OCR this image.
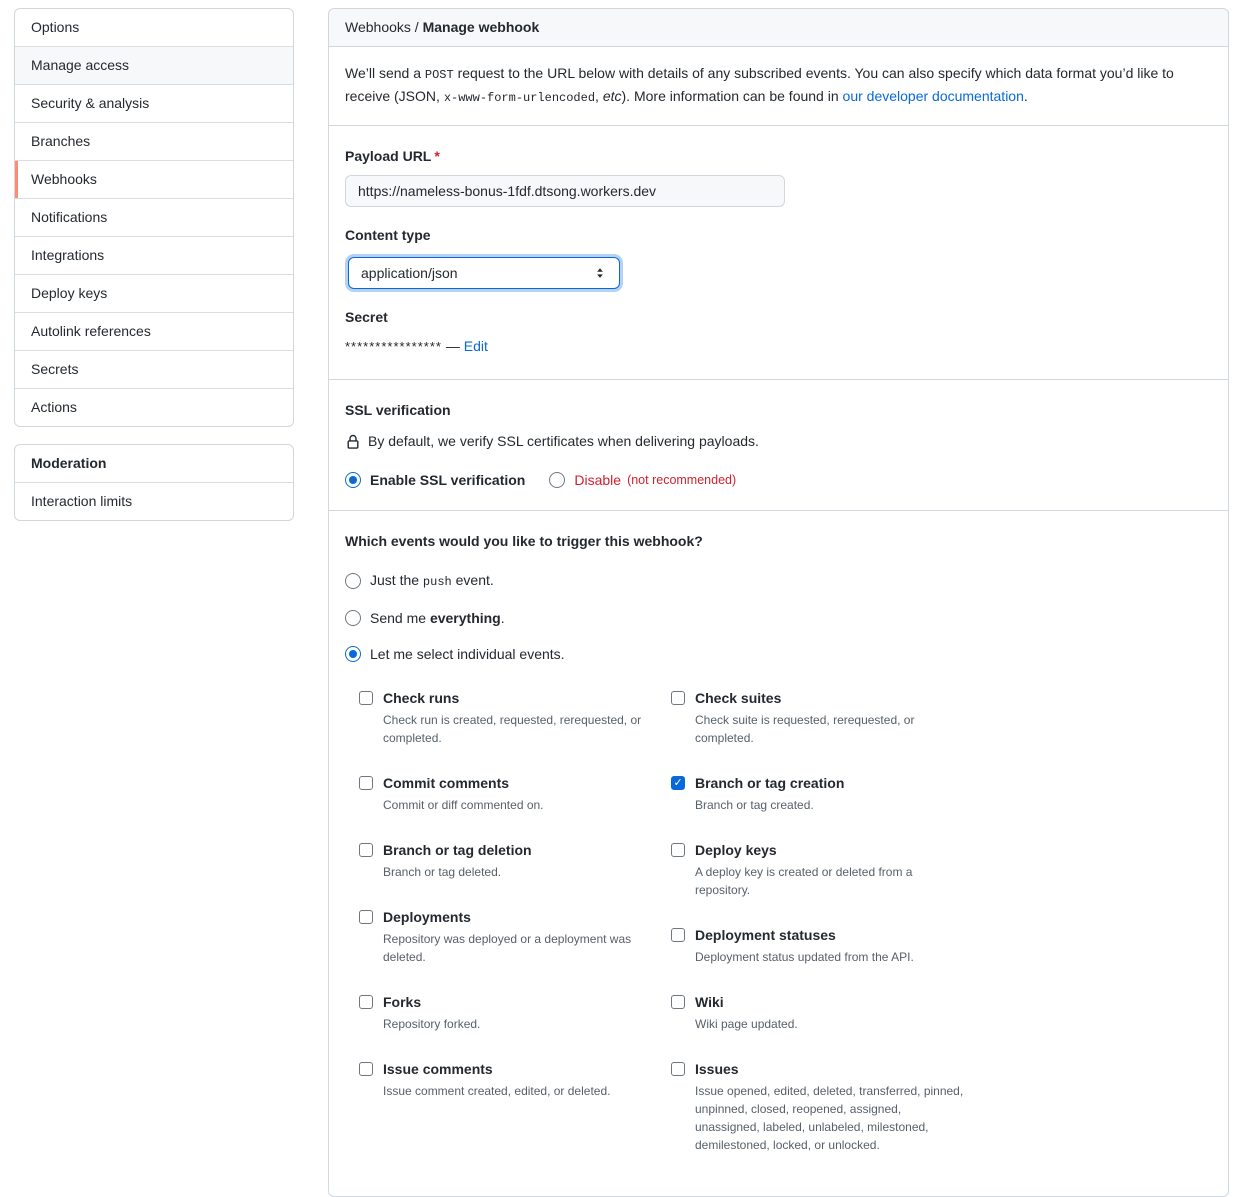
Options
Manage access
Security & analysis
Branches
Webhooks
Notifications
Integrations
Deploy keys
Autolink references
Secrets
Actions
Moderation
Interaction limits
Webhooks / Manage webhook
We’ll send a POST request to the URL below with details of any subscribed events. You can also specify which data format you’d like to receive (JSON, x-www-form-urlencoded, etc). More information can be found in our developer documentation.
Payload URL *
https://nameless-bonus-1fdf.dtsong.workers.dev
Content type
application/json
Secret
**************** — Edit
SSL verification
By default, we verify SSL certificates when delivering payloads.
Enable SSL verification	Disable (not recommended)
Which events would you like to trigger this webhook?
Just the push event.
Send me everything.
Let me select individual events.
Check runs
Check run is created, requested, rerequested, or completed.
Commit comments
Commit or diff commented on.
Branch or tag deletion
Branch or tag deleted.
Deployments
Repository was deployed or a deployment was deleted.
Forks
Repository forked.
Issue comments
Issue comment created, edited, or deleted.
Check suites
Check suite is requested, rerequested, or completed.
✓
Branch or tag creation
Branch or tag created.
Deploy keys
A deploy key is created or deleted from a repository.
Deployment statuses
Deployment status updated from the API.
Wiki
Wiki page updated.
Issues
Issue opened, edited, deleted, transferred, pinned, unpinned, closed, reopened, assigned, unassigned, labeled, unlabeled, milestoned, demilestoned, locked, or unlocked.
